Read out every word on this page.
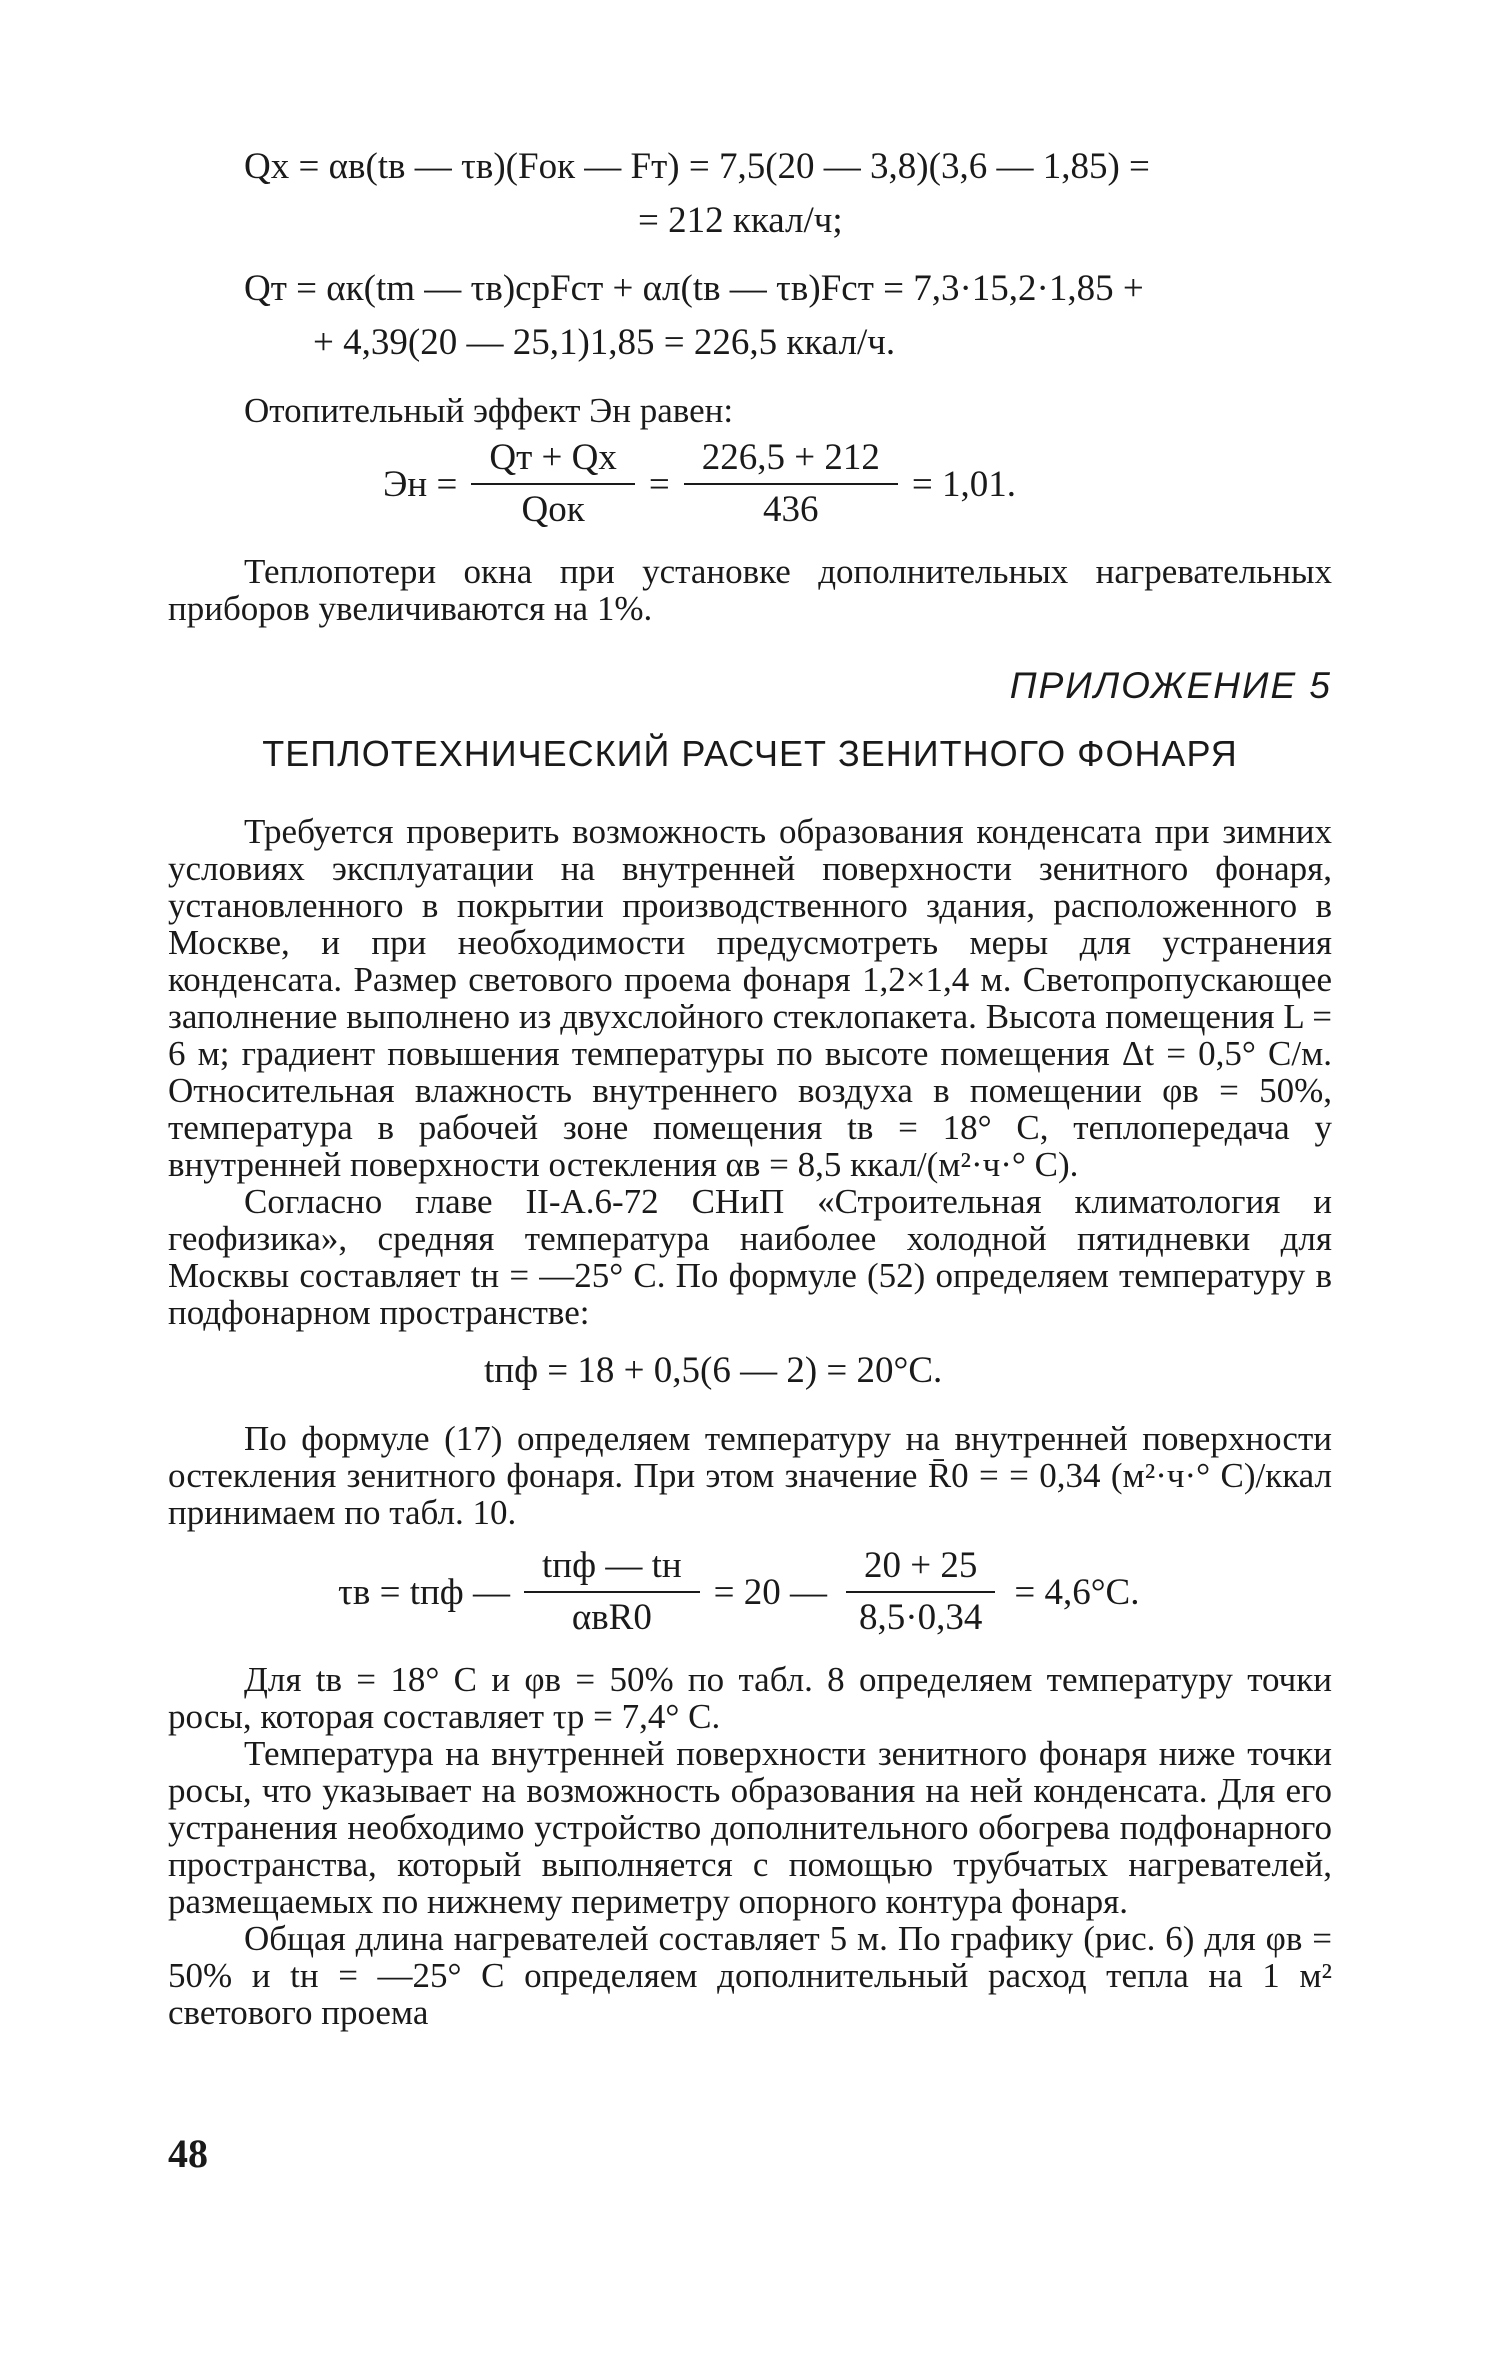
Qx = αв(tв — τв)(Fок — Fт) = 7,5(20 — 3,8)(3,6 — 1,85) =
= 212 ккал/ч;
Qт = αк(tm — τв)срFст + αл(tв — τв)Fст = 7,3·15,2·1,85 +
+ 4,39(20 — 25,1)1,85 = 226,5 ккал/ч.

Отопительный эффект Эн равен:

Эн = $\frac{Qт + Qх}{\text{Qок}} = \frac{226,5 + 212}{436} = 1,01$.

Теплопотери окна при установке дополнительных нагревательных приборов увеличиваются на 1%.

ПРИЛОЖЕНИЕ 5
ТЕПЛОТЕХНИЧЕСКИЙ РАСЧЕТ ЗЕНИТНОГО ФОНАРЯ

Требуется проверить возможность образования конденсата при зимних условиях эксплуатации на внутренней поверхности зенитного фонаря, установленного в покрытии производственного здания, расположенного в Москве, и при необходимости предусмотреть меры для устранения конденсата. Размер светового проема фонаря 1,2×1,4 м. Светопропускающее заполнение выполнено из двухслойного стеклопакета. Высота помещения L = 6 м; градиент повышения температуры по высоте помещения Δt = 0,5° С/м. Относительная влажность внутреннего воздуха в помещении φв = 50%, температура в рабочей зоне помещения tв = 18° С, теплопередача у внутренней поверхности остекления αв = 8,5 ккал/(м²·ч·° С).

Согласно главе II-А.6-72 СНиП «Строительная климатология и геофизика», средняя температура наиболее холодной пятидневки для Москвы составляет tн = —25° С. По формуле (52) определяем температуру в подфонарном пространстве:

tпф = 18 + 0,5(6 — 2) = 20°С.

По формуле (17) определяем температуру на внутренней поверхности остекления зенитного фонаря. При этом значение R̄0 = = 0,34 (м²·ч·° С)/ккал принимаем по табл. 10.

τв = tпф — $\frac{\text{tпф — tн}}{\text{αвR0}} = 20$ — $\frac{20 + 25}{8,5\cdot 0,34} = 4,6^\circ С$.

Для tв = 18° С и φв = 50% по табл. 8 определяем температуру точки росы, которая составляет τр = 7,4° С.

Температура на внутренней поверхности зенитного фонаря ниже точки росы, что указывает на возможность образования на ней конденсата. Для его устранения необходимо устройство дополнительного обогрева подфонарного пространства, который выполняется с помощью трубчатых нагревателей, размещаемых по нижнему периметру опорного контура фонаря.

Общая длина нагревателей составляет 5 м. По графику (рис. 6) для φв = 50% и tн = —25° С определяем дополнительный расход тепла на 1 м² светового проема

48
